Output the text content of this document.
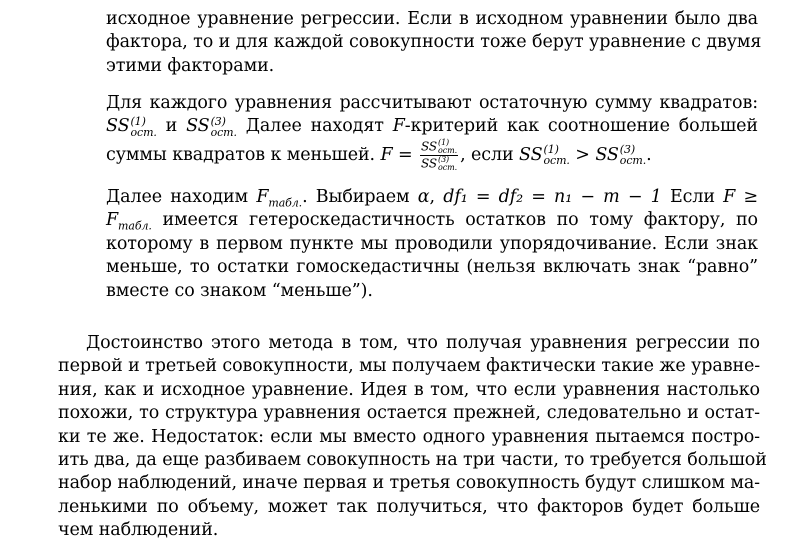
исходное уравнение регрессии. Если в исходном уравнении было два
фактора, то и для каждой совокупности тоже берут уравнение с двумя
этими факторами.
Для каждого уравнения рассчитывают остаточную сумму квадратов:
SS (1)
ост. и SS (3)
ост. Далее находят F-критерий как соотношение большей
суммы квадратов к меньшей. F = SS (1)
ост.
SS (3)
ост. , если SS (1)
ост. > SS (3)
ост. .
Далее находим $F_{табл.}$. Выбираем α, df₁ = df₂ = n₁ − m − 1 Если F ≥
$F_{табл.}$ имеется гетероскедастичность остатков по тому фактору, по
которому в первом пункте мы проводили упорядочивание. Если знак
меньше, то остатки гомоскедастичны (нельзя включать знак “равно”
вместе со знаком “меньше”).
Достоинство этого метода в том, что получая уравнения регрессии по
первой и третьей совокупности, мы получаем фактически такие же уравне-
ния, как и исходное уравнение. Идея в том, что если уравнения настолько
похожи, то структура уравнения остается прежней, следовательно и остат-
ки те же. Недостаток: если мы вместо одного уравнения пытаемся постро-
ить два, да еще разбиваем совокупность на три части, то требуется большой
набор наблюдений, иначе первая и третья совокупность будут слишком ма-
ленькими по объему, может так получиться, что факторов будет больше
чем наблюдений.
